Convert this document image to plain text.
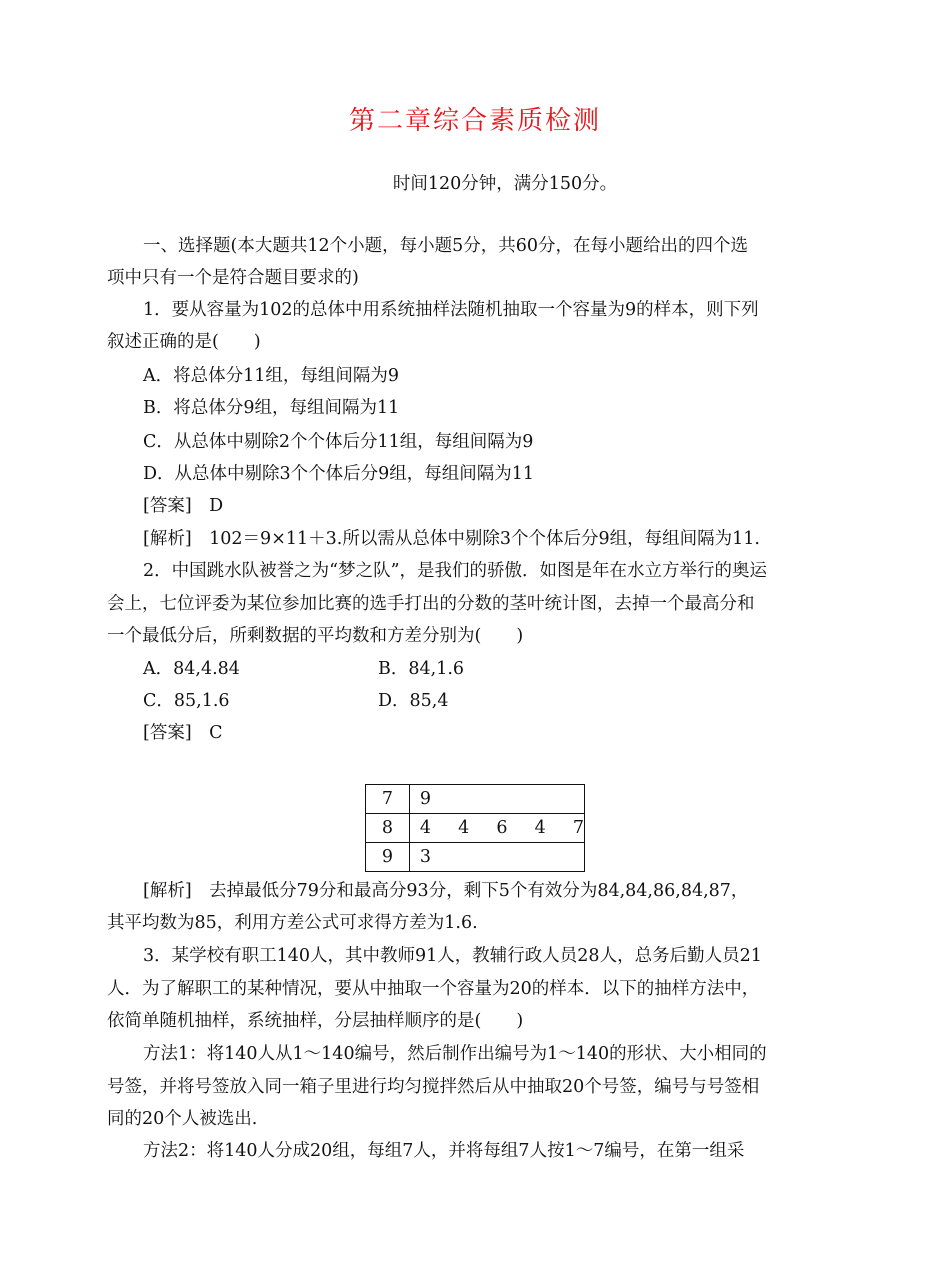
第二章综合素质检测
时间120分钟，满分150分。
一、选择题(本大题共12个小题，每小题5分，共60分，在每小题给出的四个选
项中只有一个是符合题目要求的)
1．要从容量为102的总体中用系统抽样法随机抽取一个容量为9的样本，则下列
叙述正确的是(　　)
A．将总体分11组，每组间隔为9
B．将总体分9组，每组间隔为11
C．从总体中剔除2个个体后分11组，每组间隔为9
D．从总体中剔除3个个体后分9组，每组间隔为11
[答案]　D
[解析]　102＝9×11＋3.所以需从总体中剔除3个个体后分9组，每组间隔为11.
2．中国跳水队被誉之为“梦之队”，是我们的骄傲．如图是年在水立方举行的奥运
会上，七位评委为某位参加比赛的选手打出的分数的茎叶统计图，去掉一个最高分和
一个最低分后，所剩数据的平均数和方差分别为(　　)
A．84,4.84	B．84,1.6
C．85,1.6	D．85,4
[答案]　C
7	9
8	4  4  6  4  7
9	3
[解析]　去掉最低分79分和最高分93分，剩下5个有效分为84,84,86,84,87，
其平均数为85，利用方差公式可求得方差为1.6.
3．某学校有职工140人，其中教师91人，教辅行政人员28人，总务后勤人员21
人．为了解职工的某种情况，要从中抽取一个容量为20的样本．以下的抽样方法中，
依简单随机抽样，系统抽样，分层抽样顺序的是(　　)
方法1：将140人从1～140编号，然后制作出编号为1～140的形状、大小相同的
号签，并将号签放入同一箱子里进行均匀搅拌然后从中抽取20个号签，编号与号签相
同的20个人被选出.
方法2：将140人分成20组，每组7人，并将每组7人按1～7编号，在第一组采
